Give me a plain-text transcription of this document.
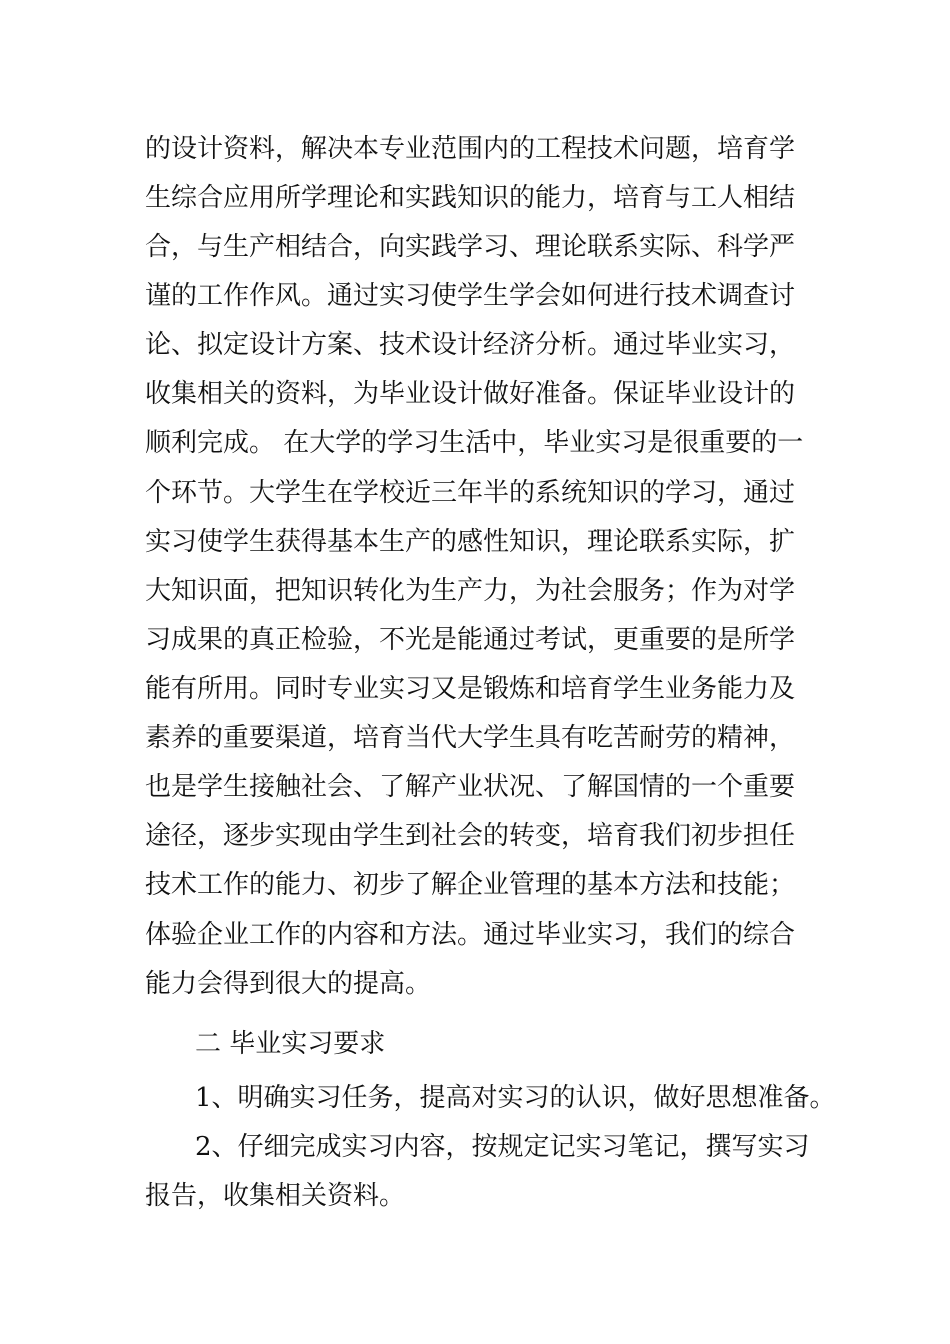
的设计资料，解决本专业范围内的工程技术问题，培育学
生综合应用所学理论和实践知识的能力，培育与工人相结
合，与生产相结合，向实践学习、理论联系实际、科学严
谨的工作作风。通过实习使学生学会如何进行技术调查讨
论、拟定设计方案、技术设计经济分析。通过毕业实习，
收集相关的资料，为毕业设计做好准备。保证毕业设计的
顺利完成。 在大学的学习生活中，毕业实习是很重要的一
个环节。大学生在学校近三年半的系统知识的学习，通过
实习使学生获得基本生产的感性知识，理论联系实际，扩
大知识面，把知识转化为生产力，为社会服务；作为对学
习成果的真正检验，不光是能通过考试，更重要的是所学
能有所用。同时专业实习又是锻炼和培育学生业务能力及
素养的重要渠道，培育当代大学生具有吃苦耐劳的精神，
也是学生接触社会、了解产业状况、了解国情的一个重要
途径，逐步实现由学生到社会的转变，培育我们初步担任
技术工作的能力、初步了解企业管理的基本方法和技能；
体验企业工作的内容和方法。通过毕业实习，我们的综合
能力会得到很大的提高。
二 毕业实习要求
1、明确实习任务，提高对实习的认识，做好思想准备。
2、仔细完成实习内容，按规定记实习笔记，撰写实习
报告，收集相关资料。
